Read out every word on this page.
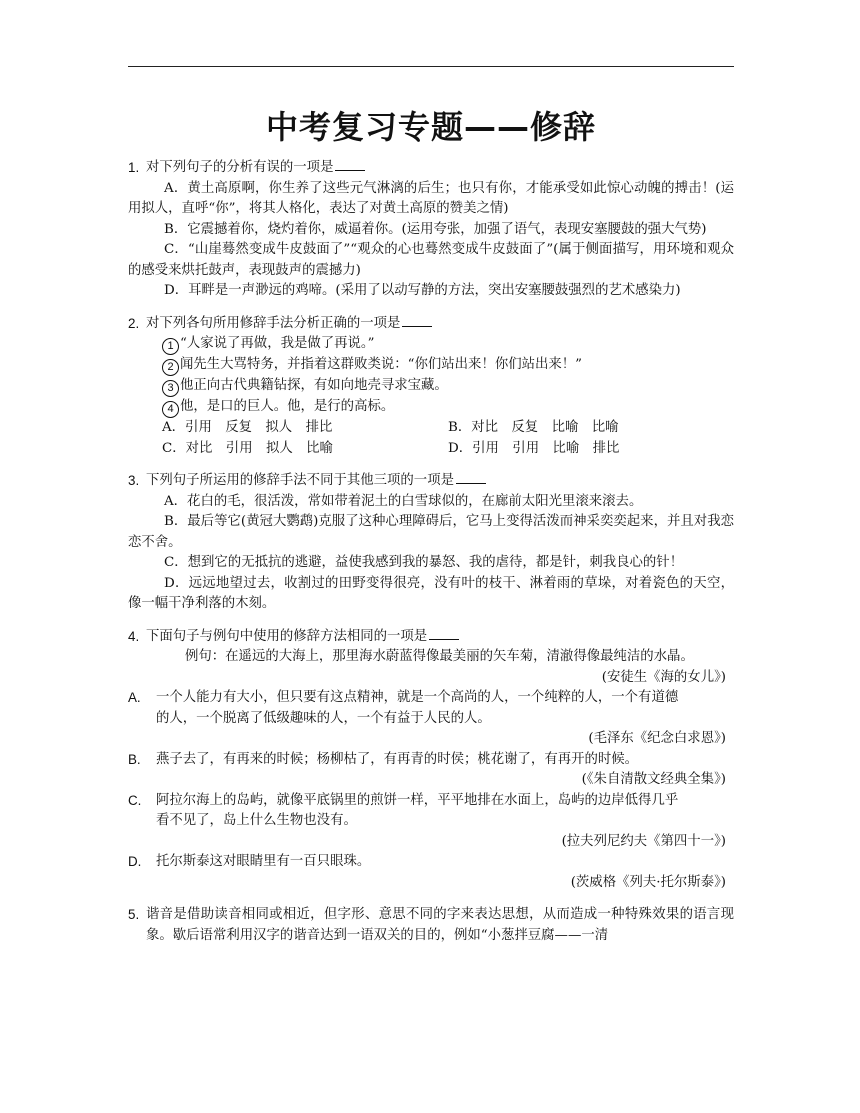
中考复习专题——修辞
1. 对下列句子的分析有误的一项是
A．黄土高原啊，你生养了这些元气淋漓的后生；也只有你，才能承受如此惊心动魄的搏击！(运用拟人，直呼“你”，将其人格化，表达了对黄土高原的赞美之情)
B．它震撼着你，烧灼着你，威逼着你。(运用夸张，加强了语气，表现安塞腰鼓的强大气势)
C．“山崖蓦然变成牛皮鼓面了”“观众的心也蓦然变成牛皮鼓面了”(属于侧面描写，用环境和观众的感受来烘托鼓声，表现鼓声的震撼力)
D．耳畔是一声渺远的鸡啼。(采用了以动写静的方法，突出安塞腰鼓强烈的艺术感染力)
2. 对下列各句所用修辞手法分析正确的一项是
1 “人家说了再做，我是做了再说。”
2 闻先生大骂特务，并指着这群败类说：“你们站出来！你们站出来！”
3 他正向古代典籍钻探，有如向地壳寻求宝藏。
4 他，是口的巨人。他，是行的高标。
A．引用　反复　拟人　排比	B．对比　反复　比喻　比喻
C．对比　引用　拟人　比喻	D．引用　引用　比喻　排比
3. 下列句子所运用的修辞手法不同于其他三项的一项是
A．花白的毛，很活泼，常如带着泥土的白雪球似的，在廊前太阳光里滚来滚去。
B．最后等它(黄冠大鹦鹉)克服了这种心理障碍后，它马上变得活泼而神采奕奕起来，并且对我恋恋不舍。
C．想到它的无抵抗的逃避，益使我感到我的暴怒、我的虐待，都是针，刺我良心的针！
D．远远地望过去，收割过的田野变得很亮，没有叶的枝干、淋着雨的草垛，对着瓷色的天空，像一幅干净利落的木刻。
4. 下面句子与例句中使用的修辞方法相同的一项是
例句：在遥远的大海上，那里海水蔚蓝得像最美丽的矢车菊，清澈得像最纯洁的水晶。
(安徒生《海的女儿》)
A.	一个人能力有大小，但只要有这点精神，就是一个高尚的人，一个纯粹的人，一个有道德的人，一个脱离了低级趣味的人，一个有益于人民的人。
(毛泽东《纪念白求恩》)
B.	燕子去了，有再来的时候；杨柳枯了，有再青的时侯；桃花谢了，有再开的时候。
(《朱自清散文经典全集》)
C.	阿拉尔海上的岛屿，就像平底锅里的煎饼一样，平平地排在水面上，岛屿的边岸低得几乎看不见了，岛上什么生物也没有。
(拉夫列尼约夫《第四十一》)
D.	托尔斯泰这对眼睛里有一百只眼珠。
(茨威格《列夫·托尔斯泰》)
5. 谐音是借助读音相同或相近，但字形、意思不同的字来表达思想，从而造成一种特殊效果的语言现象。歇后语常利用汉字的谐音达到一语双关的目的，例如“小葱拌豆腐——一清
